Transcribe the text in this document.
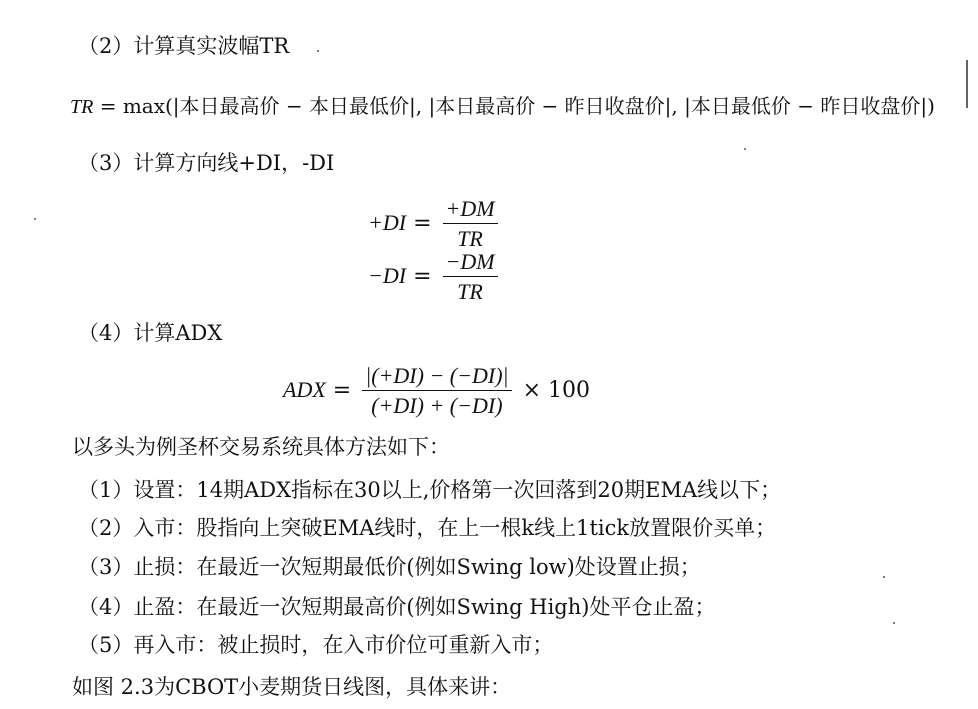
（2）计算真实波幅TR
TR = max(|本日最高价 − 本日最低价|, |本日最高价 − 昨日收盘价|, |本日最低价 − 昨日收盘价|)
（3）计算方向线+DI，-DI
$+DI = \frac{+DM}{TR}$
$-DI = \frac{-DM}{TR}$
（4）计算ADX
ADX = $\frac{|(+DI) - (-DI)|}{(+DI) + (-DI)} \times 100$
以多头为例圣杯交易系统具体方法如下：
（1）设置：14期ADX指标在30以上,价格第一次回落到20期EMA线以下；
（2）入市：股指向上突破EMA线时，在上一根k线上1tick放置限价买单；
（3）止损：在最近一次短期最低价(例如Swing low)处设置止损；
（4）止盈：在最近一次短期最高价(例如Swing High)处平仓止盈；
（5）再入市：被止损时，在入市价位可重新入市；
如图 2.3为CBOT小麦期货日线图，具体来讲：
